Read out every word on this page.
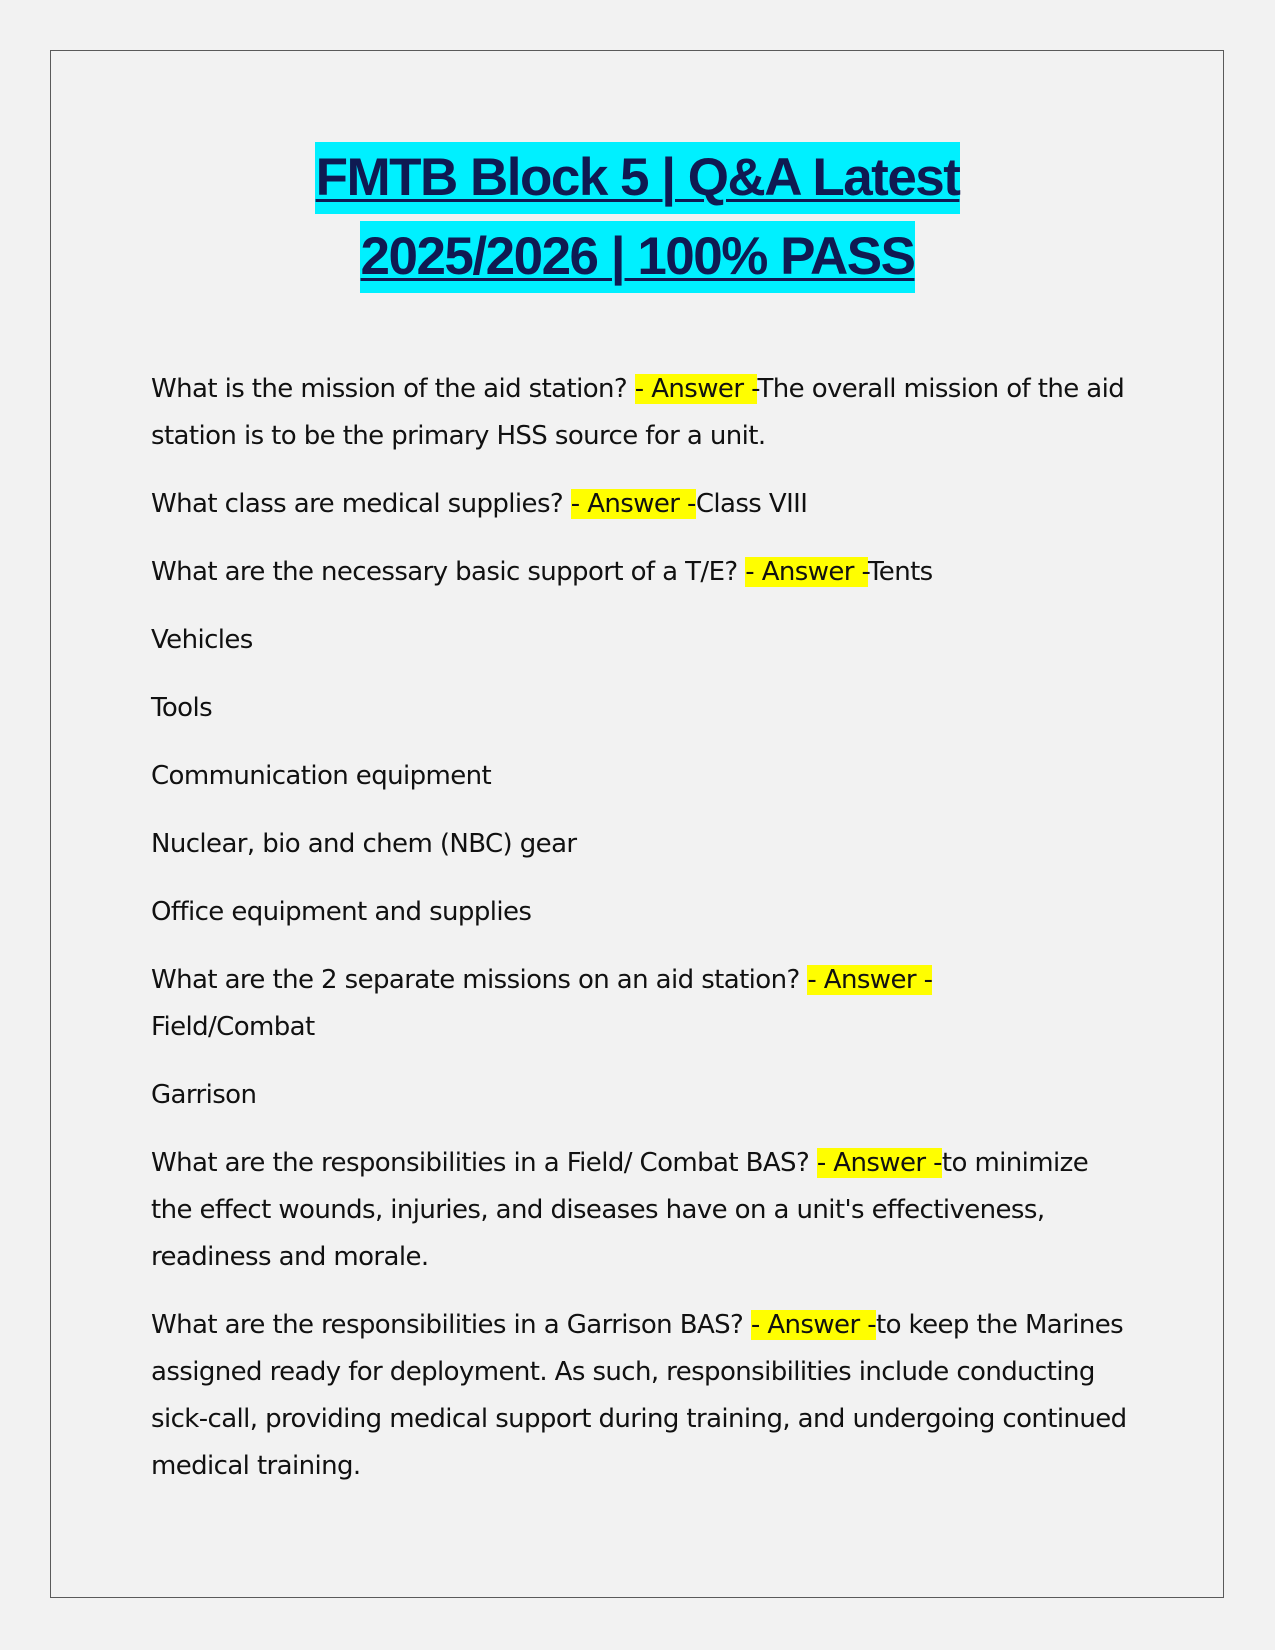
FMTB Block 5 | Q&A Latest
2025/2026 | 100% PASS

What is the mission of the aid station? - Answer -The overall mission of the aid station is to be the primary HSS source for a unit.

What class are medical supplies? - Answer -Class VIII

What are the necessary basic support of a T/E? - Answer -Tents

Vehicles

Tools

Communication equipment

Nuclear, bio and chem (NBC) gear

Office equipment and supplies

What are the 2 separate missions on an aid station? - Answer -
Field/Combat

Garrison

What are the responsibilities in a Field/ Combat BAS? - Answer -to minimize the effect wounds, injuries, and diseases have on a unit's effectiveness, readiness and morale.

What are the responsibilities in a Garrison BAS? - Answer -to keep the Marines assigned ready for deployment. As such, responsibilities include conducting sick-call, providing medical support during training, and undergoing continued medical training.
